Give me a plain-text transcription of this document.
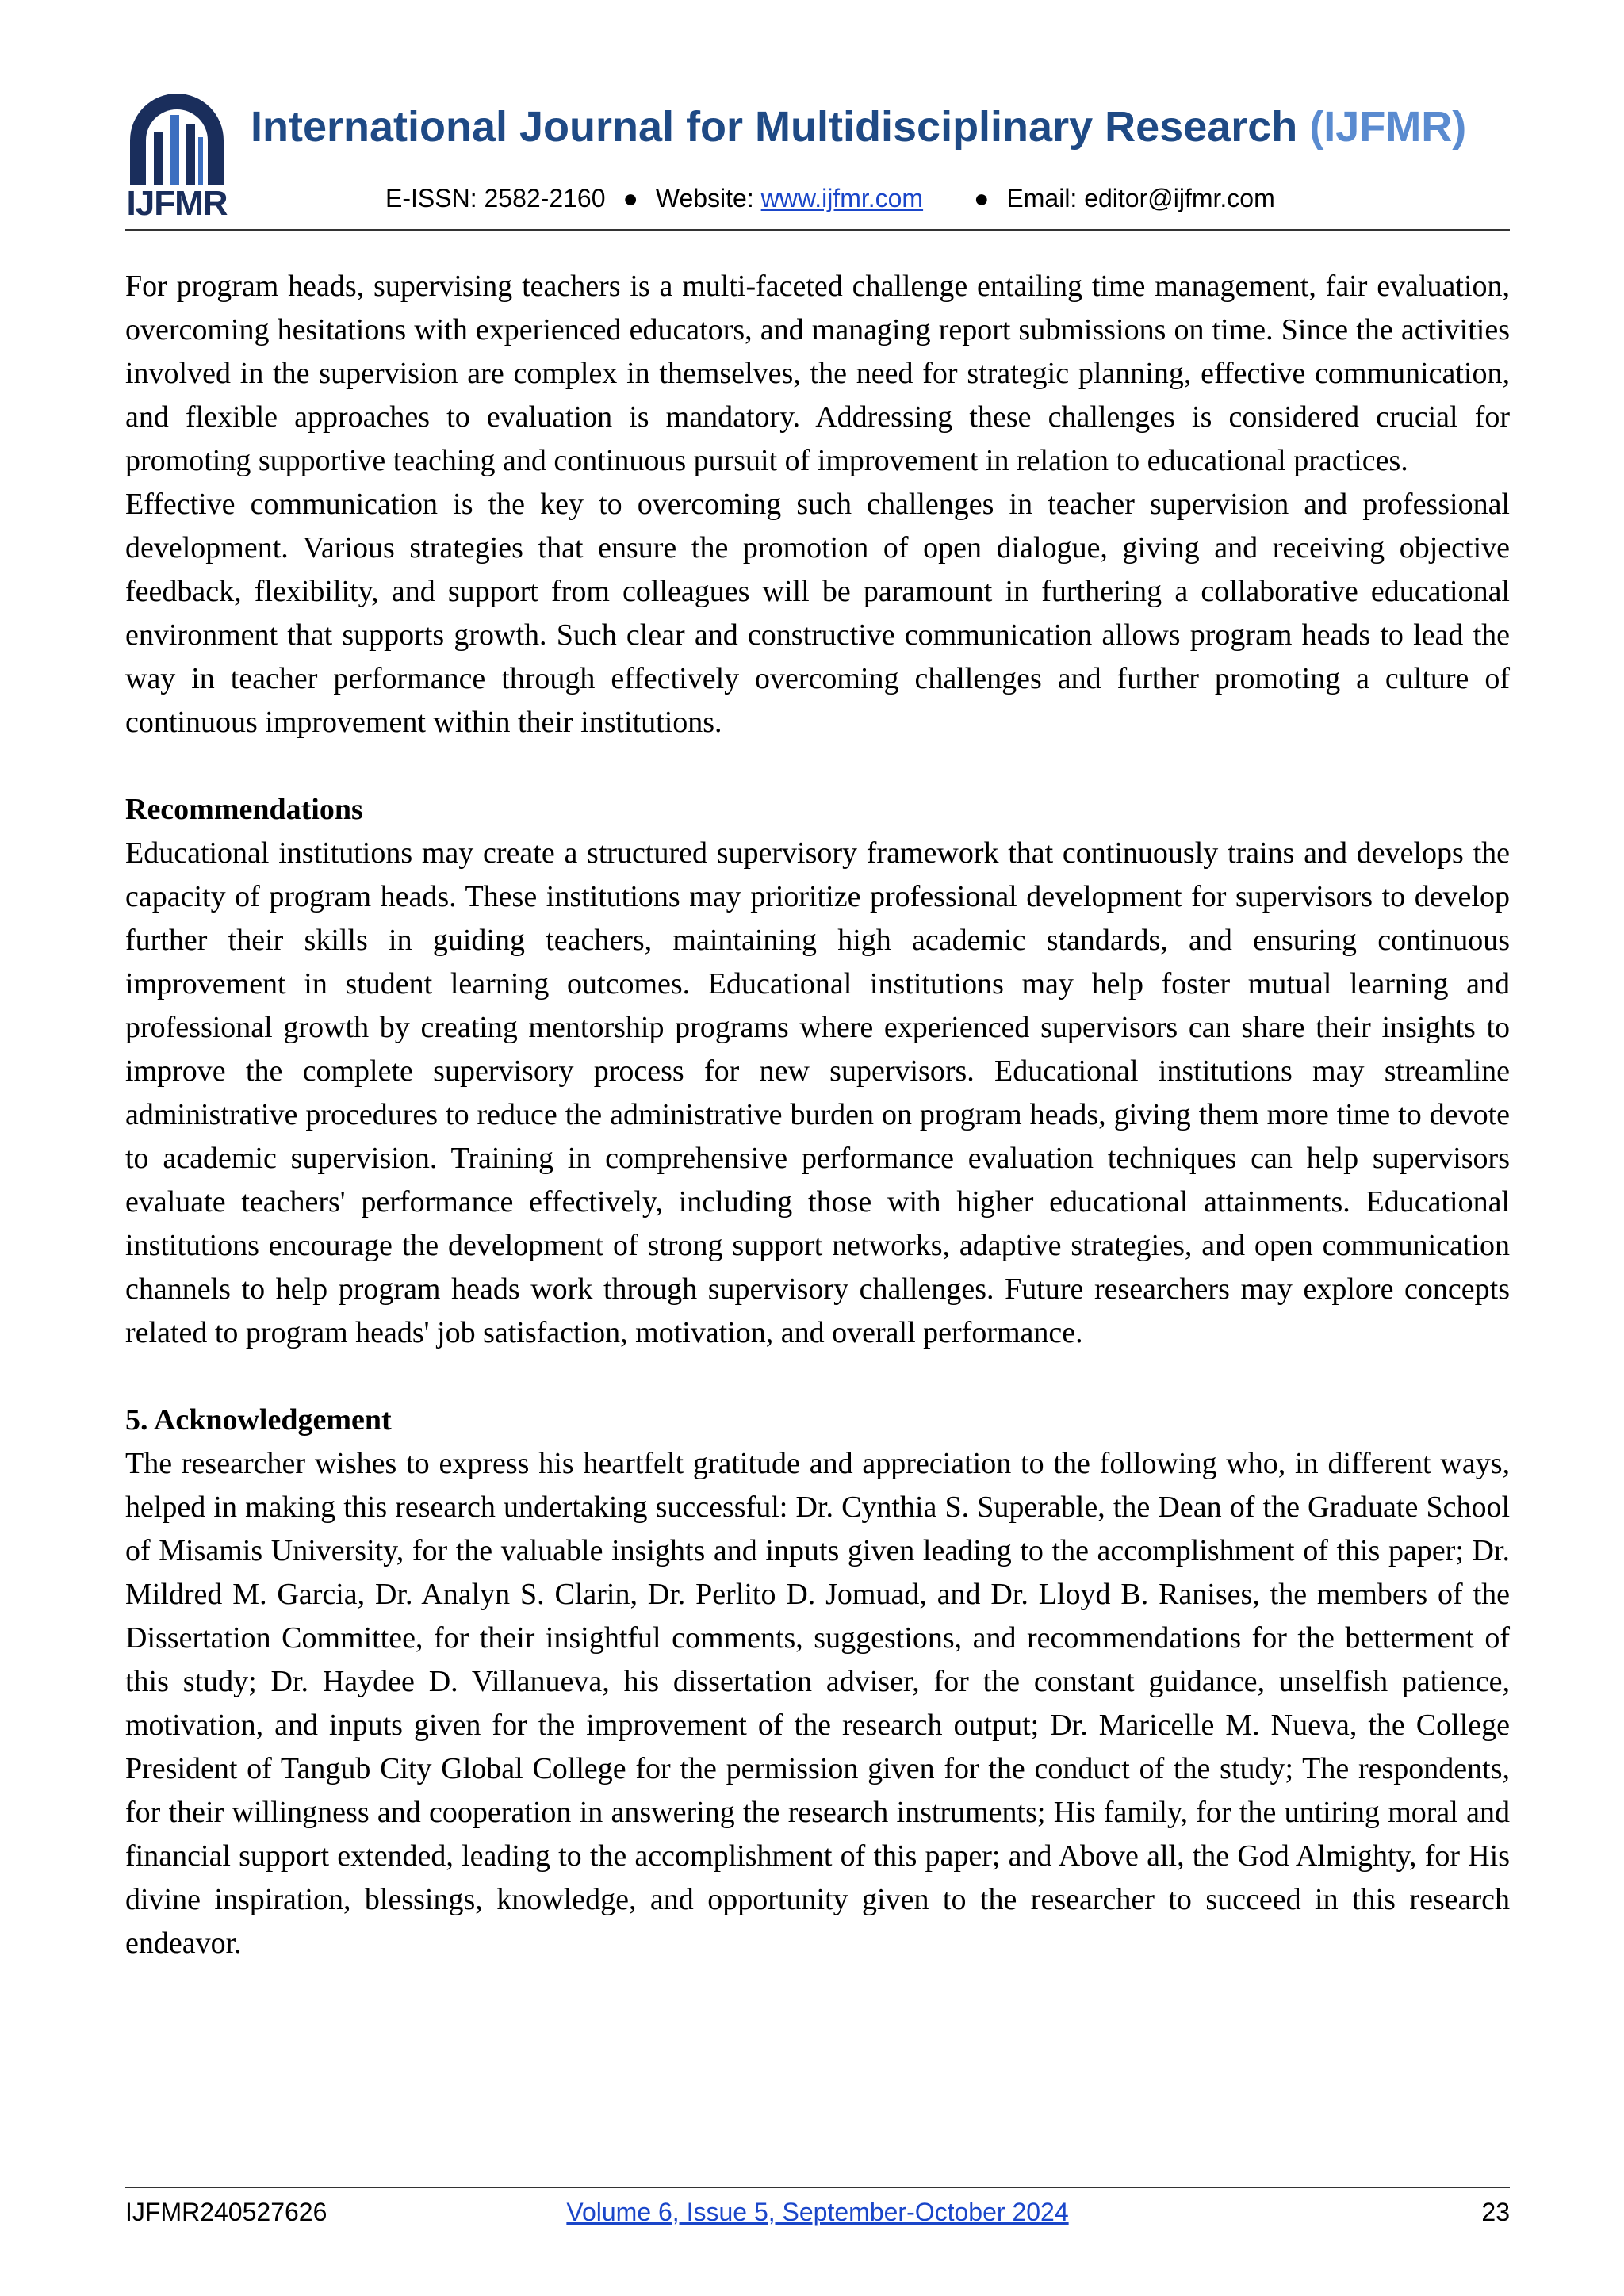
IJFMR
International Journal for Multidisciplinary Research (IJFMR)
E-ISSN: 2582-2160 ● Website: www.ijfmr.com ● Email: editor@ijfmr.com

For program heads, supervising teachers is a multi-faceted challenge entailing time management, fair evaluation, overcoming hesitations with experienced educators, and managing report submissions on time. Since the activities involved in the supervision are complex in themselves, the need for strategic planning, effective communication, and flexible approaches to evaluation is mandatory. Addressing these challenges is considered crucial for promoting supportive teaching and continuous pursuit of improvement in relation to educational practices.

Effective communication is the key to overcoming such challenges in teacher supervision and professional development. Various strategies that ensure the promotion of open dialogue, giving and receiving objective feedback, flexibility, and support from colleagues will be paramount in furthering a collaborative educational environment that supports growth. Such clear and constructive communication allows program heads to lead the way in teacher performance through effectively overcoming challenges and further promoting a culture of continuous improvement within their institutions.

Recommendations

Educational institutions may create a structured supervisory framework that continuously trains and develops the capacity of program heads. These institutions may prioritize professional development for supervisors to develop further their skills in guiding teachers, maintaining high academic standards, and ensuring continuous improvement in student learning outcomes. Educational institutions may help foster mutual learning and professional growth by creating mentorship programs where experienced supervisors can share their insights to improve the complete supervisory process for new supervisors. Educational institutions may streamline administrative procedures to reduce the administrative burden on program heads, giving them more time to devote to academic supervision. Training in comprehensive performance evaluation techniques can help supervisors evaluate teachers' performance effectively, including those with higher educational attainments. Educational institutions encourage the development of strong support networks, adaptive strategies, and open communication channels to help program heads work through supervisory challenges. Future researchers may explore concepts related to program heads' job satisfaction, motivation, and overall performance.

5. Acknowledgement

The researcher wishes to express his heartfelt gratitude and appreciation to the following who, in different ways, helped in making this research undertaking successful: Dr. Cynthia S. Superable, the Dean of the Graduate School of Misamis University, for the valuable insights and inputs given leading to the accomplishment of this paper; Dr. Mildred M. Garcia, Dr. Analyn S. Clarin, Dr. Perlito D. Jomuad, and Dr. Lloyd B. Ranises, the members of the Dissertation Committee, for their insightful comments, suggestions, and recommendations for the betterment of this study; Dr. Haydee D. Villanueva, his dissertation adviser, for the constant guidance, unselfish patience, motivation, and inputs given for the improvement of the research output; Dr. Maricelle M. Nueva, the College President of Tangub City Global College for the permission given for the conduct of the study; The respondents, for their willingness and cooperation in answering the research instruments; His family, for the untiring moral and financial support extended, leading to the accomplishment of this paper; and Above all, the God Almighty, for His divine inspiration, blessings, knowledge, and opportunity given to the researcher to succeed in this research endeavor.

IJFMR240527626	Volume 6, Issue 5, September-October 2024	23
